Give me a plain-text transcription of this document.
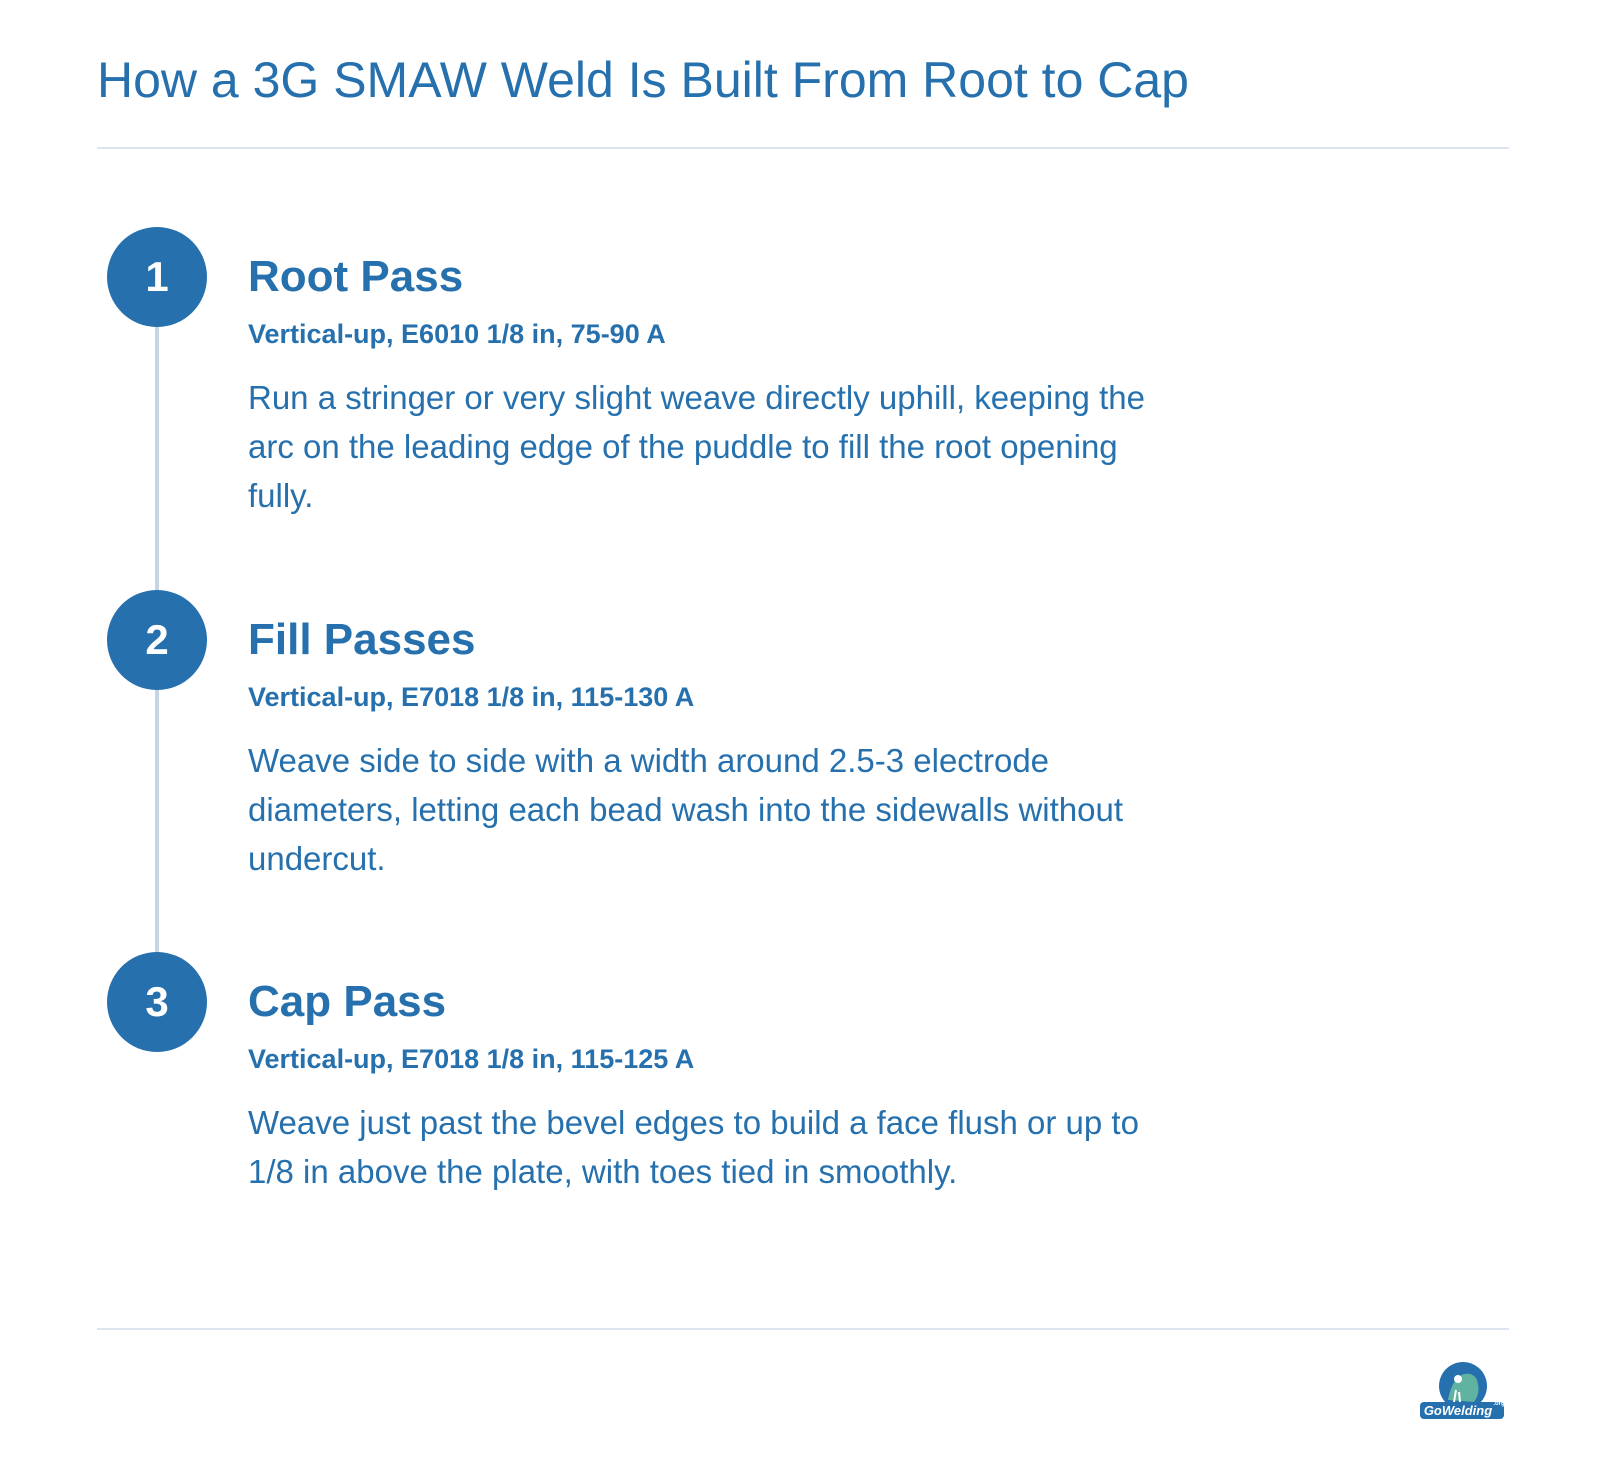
How a 3G SMAW Weld Is Built From Root to Cap
1	Root Pass

Vertical-up, E6010 1/8 in, 75-90 A

Run a stringer or very slight weave directly uphill, keeping the arc on the leading edge of the puddle to fill the root opening fully.

2	Fill Passes

Vertical-up, E7018 1/8 in, 115-130 A

Weave side to side with a width around 2.5-3 electrode diameters, letting each bead wash into the sidewalls without undercut.

3	Cap Pass

Vertical-up, E7018 1/8 in, 115-125 A

Weave just past the bevel edges to build a face flush or up to 1/8 in above the plate, with toes tied in smoothly.

GoWelding .org
